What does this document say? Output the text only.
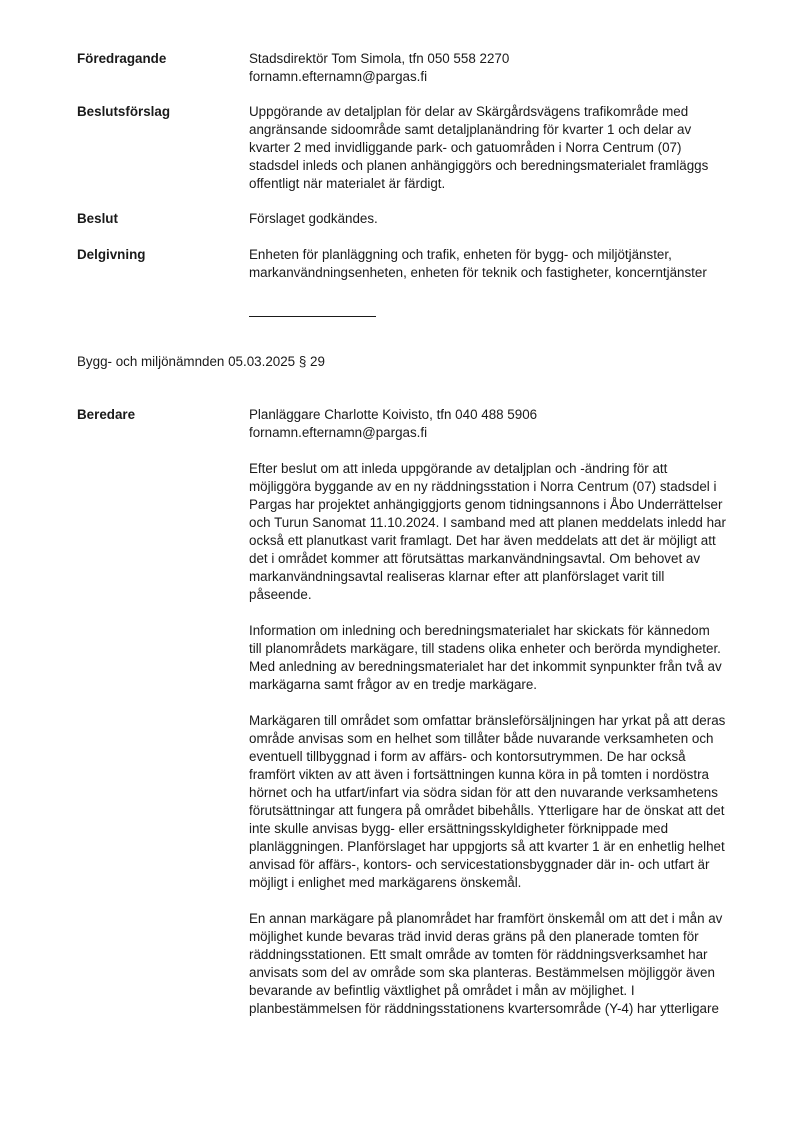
Föredragande	Stadsdirektör Tom Simola, tfn 050 558 2270
fornamn.efternamn@pargas.fi
Beslutsförslag	Uppgörande av detaljplan för delar av Skärgårdsvägens trafikområde med
angränsande sidoområde samt detaljplanändring för kvarter 1 och delar av
kvarter 2 med invidliggande park- och gatuområden i Norra Centrum (07)
stadsdel inleds och planen anhängiggörs och beredningsmaterialet framläggs
offentligt när materialet är färdigt.
Beslut	Förslaget godkändes.
Delgivning	Enheten för planläggning och trafik, enheten för bygg- och miljötjänster,
markanvändningsenheten, enheten för teknik och fastigheter, koncerntjänster
Bygg- och miljönämnden 05.03.2025 § 29
Beredare	Planläggare Charlotte Koivisto, tfn 040 488 5906
fornamn.efternamn@pargas.fi
Efter beslut om att inleda uppgörande av detaljplan och -ändring för att
möjliggöra byggande av en ny räddningsstation i Norra Centrum (07) stadsdel i
Pargas har projektet anhängiggjorts genom tidningsannons i Åbo Underrättelser
och Turun Sanomat 11.10.2024. I samband med att planen meddelats inledd har
också ett planutkast varit framlagt. Det har även meddelats att det är möjligt att
det i området kommer att förutsättas markanvändningsavtal. Om behovet av
markanvändningsavtal realiseras klarnar efter att planförslaget varit till
påseende.
Information om inledning och beredningsmaterialet har skickats för kännedom
till planområdets markägare, till stadens olika enheter och berörda myndigheter.
Med anledning av beredningsmaterialet har det inkommit synpunkter från två av
markägarna samt frågor av en tredje markägare.
Markägaren till området som omfattar bränsleförsäljningen har yrkat på att deras
område anvisas som en helhet som tillåter både nuvarande verksamheten och
eventuell tillbyggnad i form av affärs- och kontorsutrymmen. De har också
framfört vikten av att även i fortsättningen kunna köra in på tomten i nordöstra
hörnet och ha utfart/infart via södra sidan för att den nuvarande verksamhetens
förutsättningar att fungera på området bibehålls. Ytterligare har de önskat att det
inte skulle anvisas bygg- eller ersättningsskyldigheter förknippade med
planläggningen. Planförslaget har uppgjorts så att kvarter 1 är en enhetlig helhet
anvisad för affärs-, kontors- och servicestationsbyggnader där in- och utfart är
möjligt i enlighet med markägarens önskemål.
En annan markägare på planområdet har framfört önskemål om att det i mån av
möjlighet kunde bevaras träd invid deras gräns på den planerade tomten för
räddningsstationen. Ett smalt område av tomten för räddningsverksamhet har
anvisats som del av område som ska planteras. Bestämmelsen möjliggör även
bevarande av befintlig växtlighet på området i mån av möjlighet. I
planbestämmelsen för räddningsstationens kvartersområde (Y-4) har ytterligare
